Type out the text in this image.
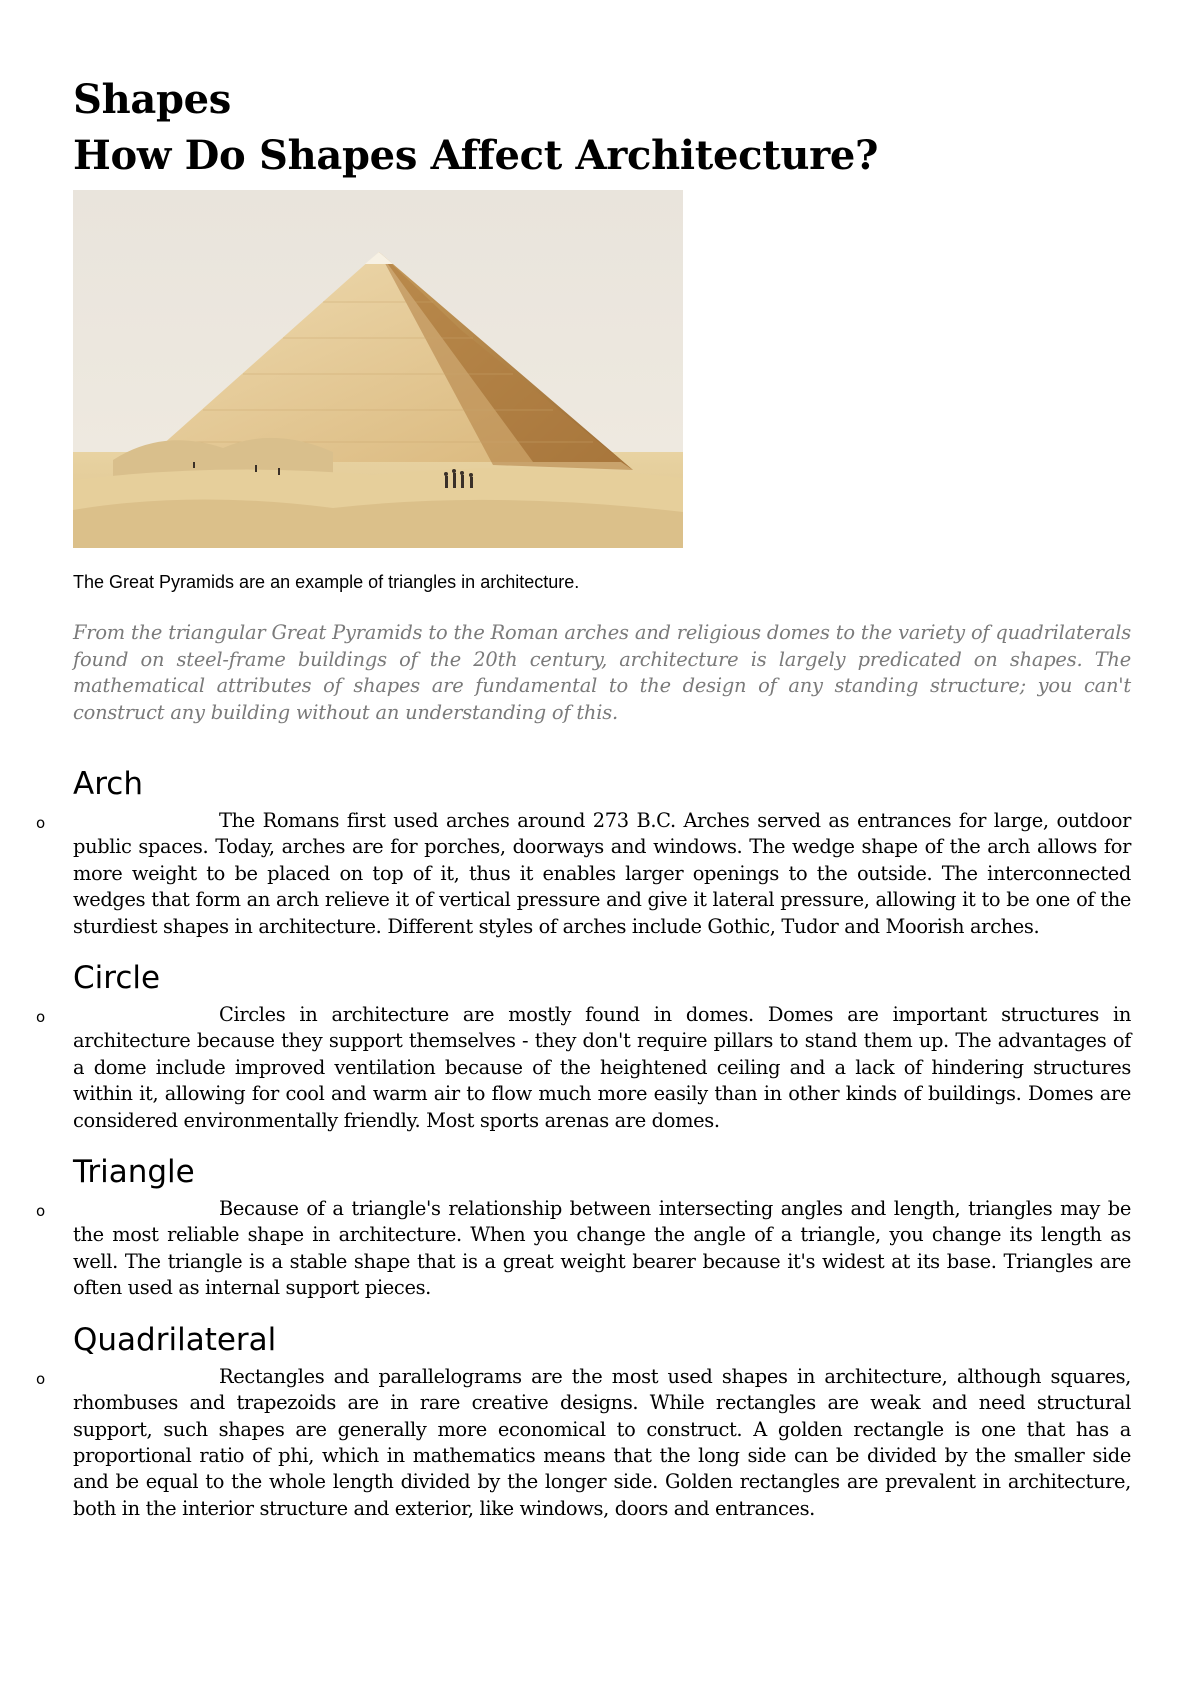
Shapes
How Do Shapes Affect Architecture?

The Great Pyramids are an example of triangles in architecture.

From the triangular Great Pyramids to the Roman arches and religious domes to the variety of quadrilaterals found on steel-frame buildings of the 20th century, architecture is largely predicated on shapes. The mathematical attributes of shapes are fundamental to the design of any standing structure; you can't construct any building without an understanding of this.

Arch

o	The Romans first used arches around 273 B.C. Arches served as entrances for large, outdoor public spaces. Today, arches are for porches, doorways and windows. The wedge shape of the arch allows for more weight to be placed on top of it, thus it enables larger openings to the outside. The interconnected wedges that form an arch relieve it of vertical pressure and give it lateral pressure, allowing it to be one of the sturdiest shapes in architecture. Different styles of arches include Gothic, Tudor and Moorish arches.

Circle

o	Circles in architecture are mostly found in domes. Domes are important structures in architecture because they support themselves - they don't require pillars to stand them up. The advantages of a dome include improved ventilation because of the heightened ceiling and a lack of hindering structures within it, allowing for cool and warm air to flow much more easily than in other kinds of buildings. Domes are considered environmentally friendly. Most sports arenas are domes.

Triangle

o	Because of a triangle's relationship between intersecting angles and length, triangles may be the most reliable shape in architecture. When you change the angle of a triangle, you change its length as well. The triangle is a stable shape that is a great weight bearer because it's widest at its base. Triangles are often used as internal support pieces.

Quadrilateral

o	Rectangles and parallelograms are the most used shapes in architecture, although squares, rhombuses and trapezoids are in rare creative designs. While rectangles are weak and need structural support, such shapes are generally more economical to construct. A golden rectangle is one that has a proportional ratio of phi, which in mathematics means that the long side can be divided by the smaller side and be equal to the whole length divided by the longer side. Golden rectangles are prevalent in architecture, both in the interior structure and exterior, like windows, doors and entrances.
